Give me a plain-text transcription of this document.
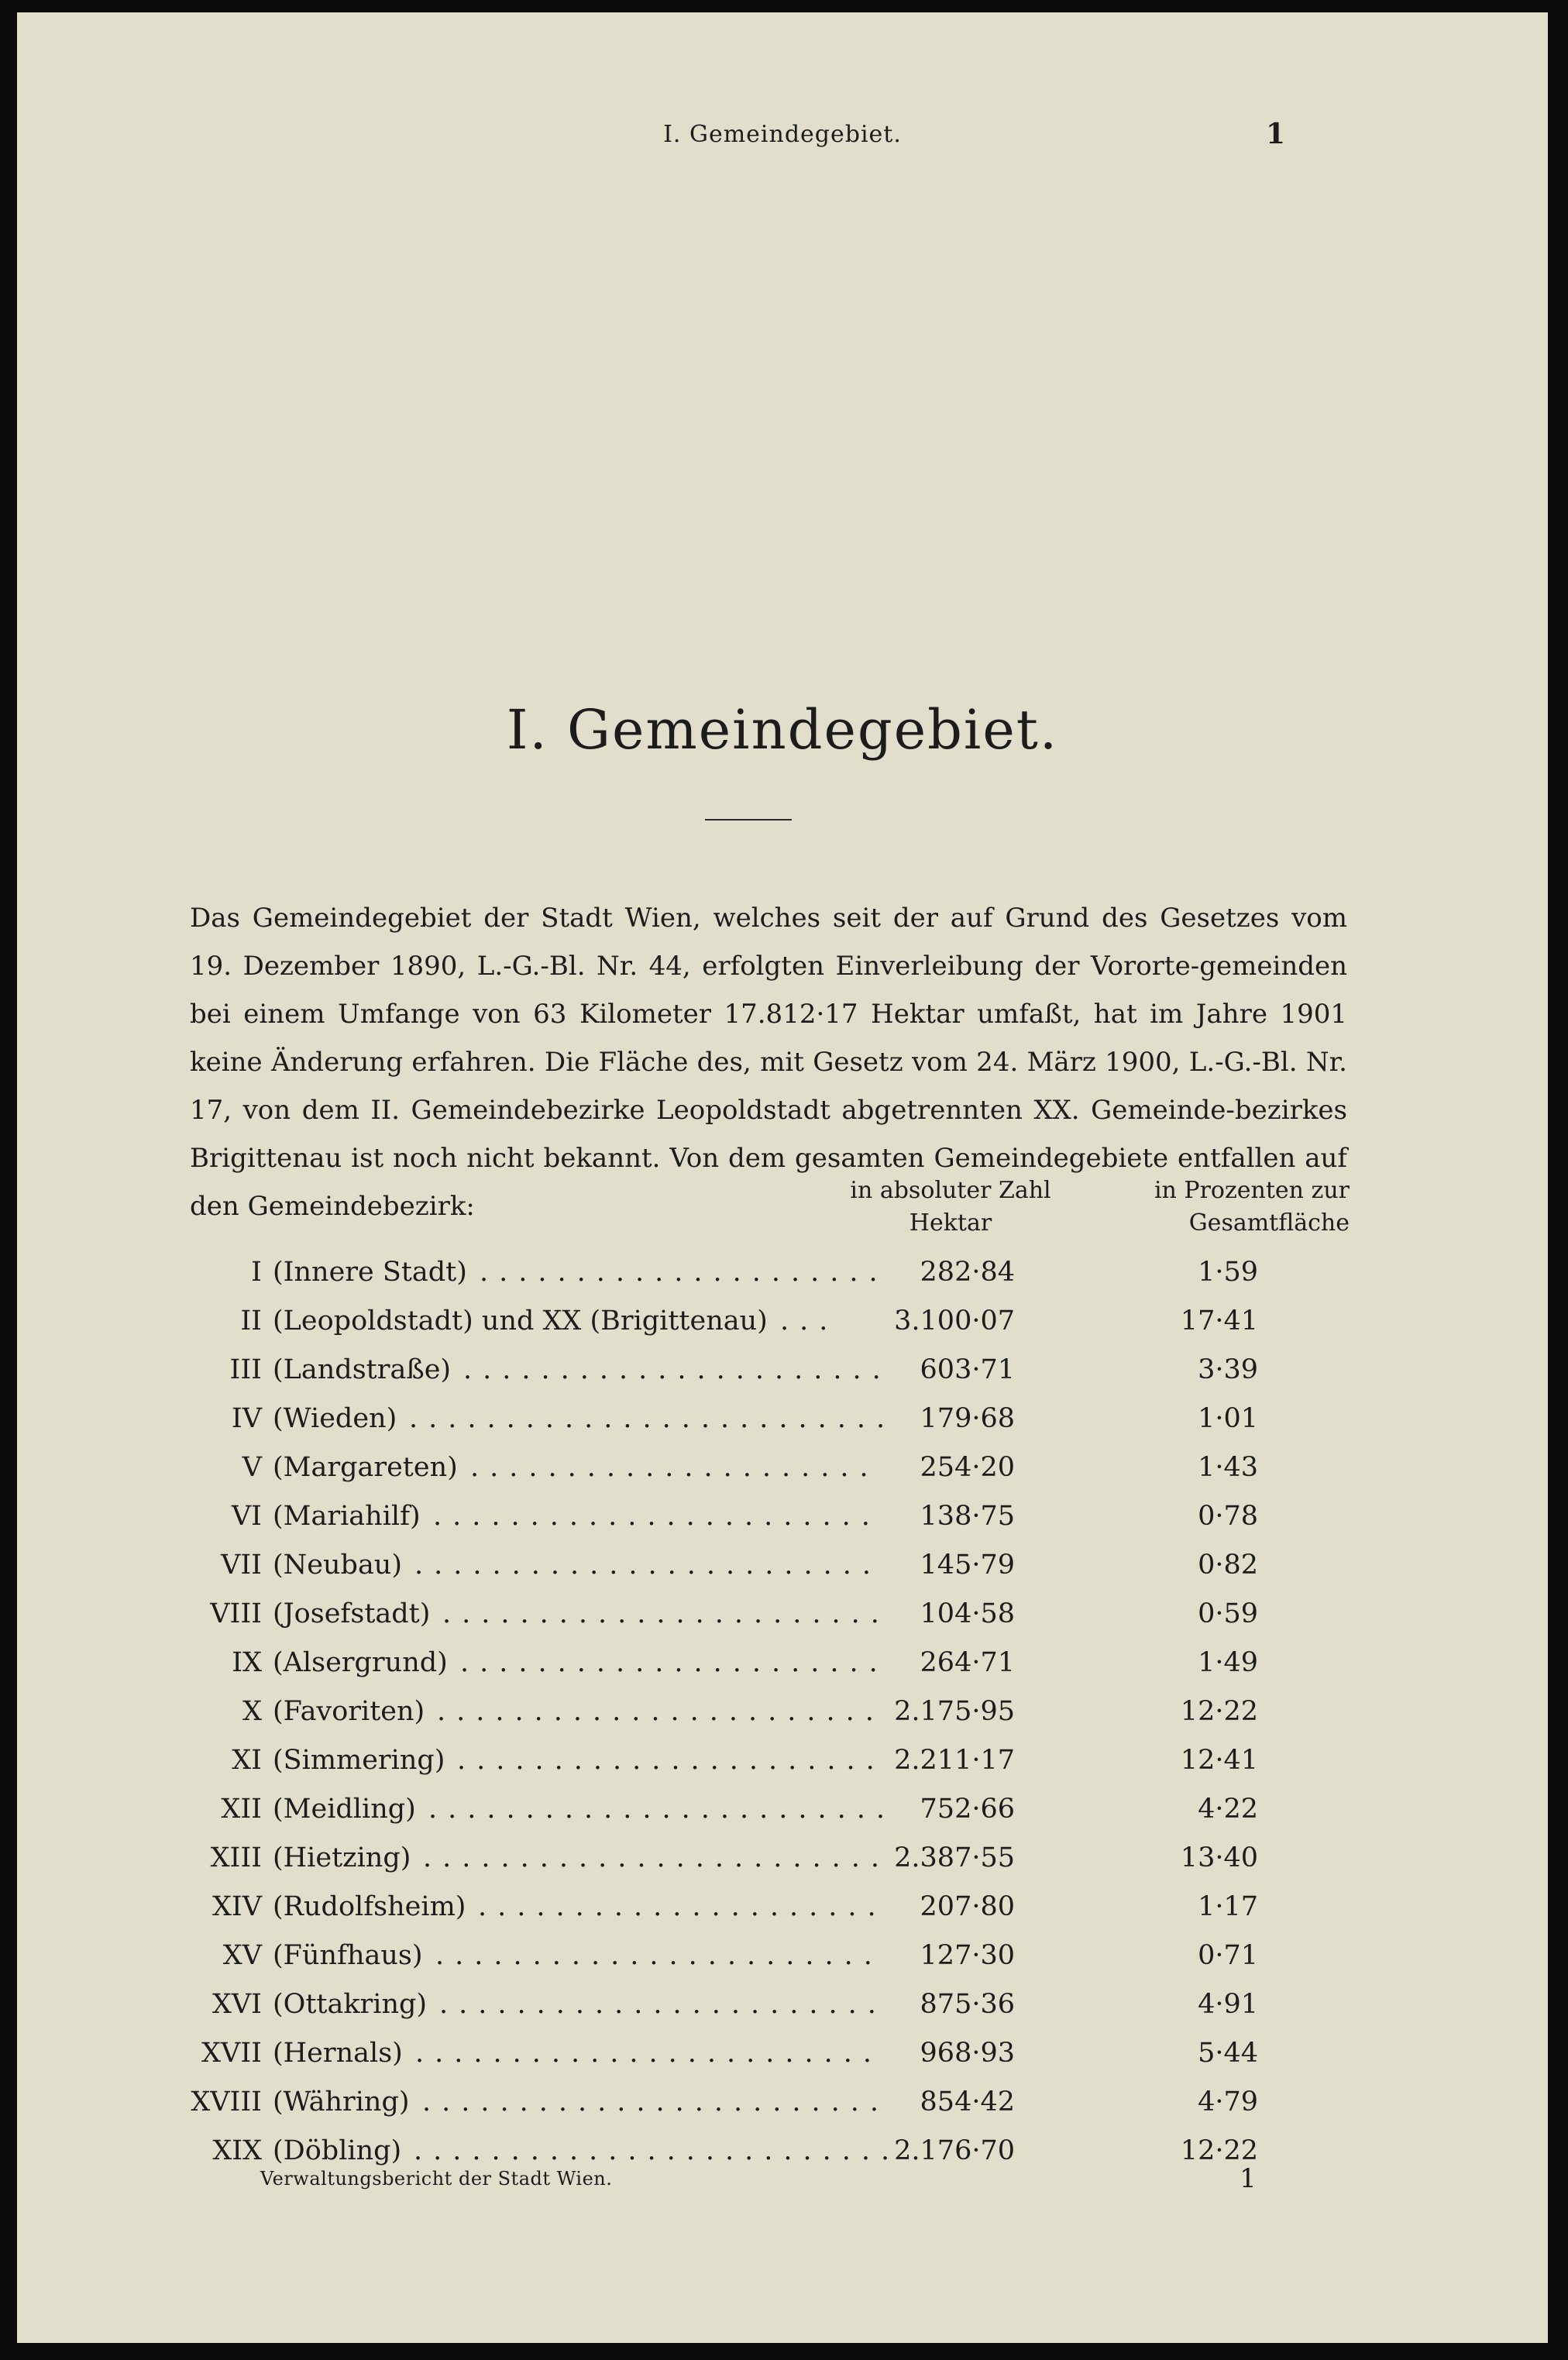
I. Gemeindegebiet.	1
I. Gemeindegebiet.

Das Gemeindegebiet der Stadt Wien, welches seit der auf Grund des Gesetzes vom 19. Dezember 1890, L.-G.-Bl. Nr. 44, erfolgten Einverleibung der Vororte-gemeinden bei einem Umfange von 63 Kilometer 17.812·17 Hektar umfaßt, hat im Jahre 1901 keine Änderung erfahren. Die Fläche des, mit Gesetz vom 24. März 1900, L.-G.-Bl. Nr. 17, von dem II. Gemeindebezirke Leopoldstadt abgetrennten XX. Gemeinde-bezirkes Brigittenau ist noch nicht bekannt. Von dem gesamten Gemeindegebiete entfallen auf den Gemeindebezirk:

in absoluter Zahl
Hektar
in Prozenten zur
Gesamtfläche
I (Innere Stadt)	282·84	1·59
.....................
II (Leopoldstadt) und XX (Brigittenau)	3.100·07	17·41
...
III (Landstraße)	603·71	3·39
......................
IV (Wieden)	179·68	1·01
.........................
V (Margareten)	254·20	1·43
.....................
VI (Mariahilf)	138·75	0·78
.......................
VII (Neubau)	145·79	0·82
........................
VIII (Josefstadt)	104·58	0·59
.......................
IX (Alsergrund)	264·71	1·49
......................
X (Favoriten)	2.175·95	12·22
.......................
XI (Simmering)	2.211·17	12·41
......................
XII (Meidling)	752·66	4·22
........................
XIII (Hietzing)	2.387·55	13·40
........................
XIV (Rudolfsheim)	207·80	1·17
.....................
XV (Fünfhaus)	127·30	0·71
.......................
XVI (Ottakring)	875·36	4·91
.......................
XVII (Hernals)	968·93	5·44
........................
XVIII (Währing)	854·42	4·79
........................
XIX (Döbling)	2.176·70	12·22
.........................
Verwaltungsbericht der Stadt Wien.	1
